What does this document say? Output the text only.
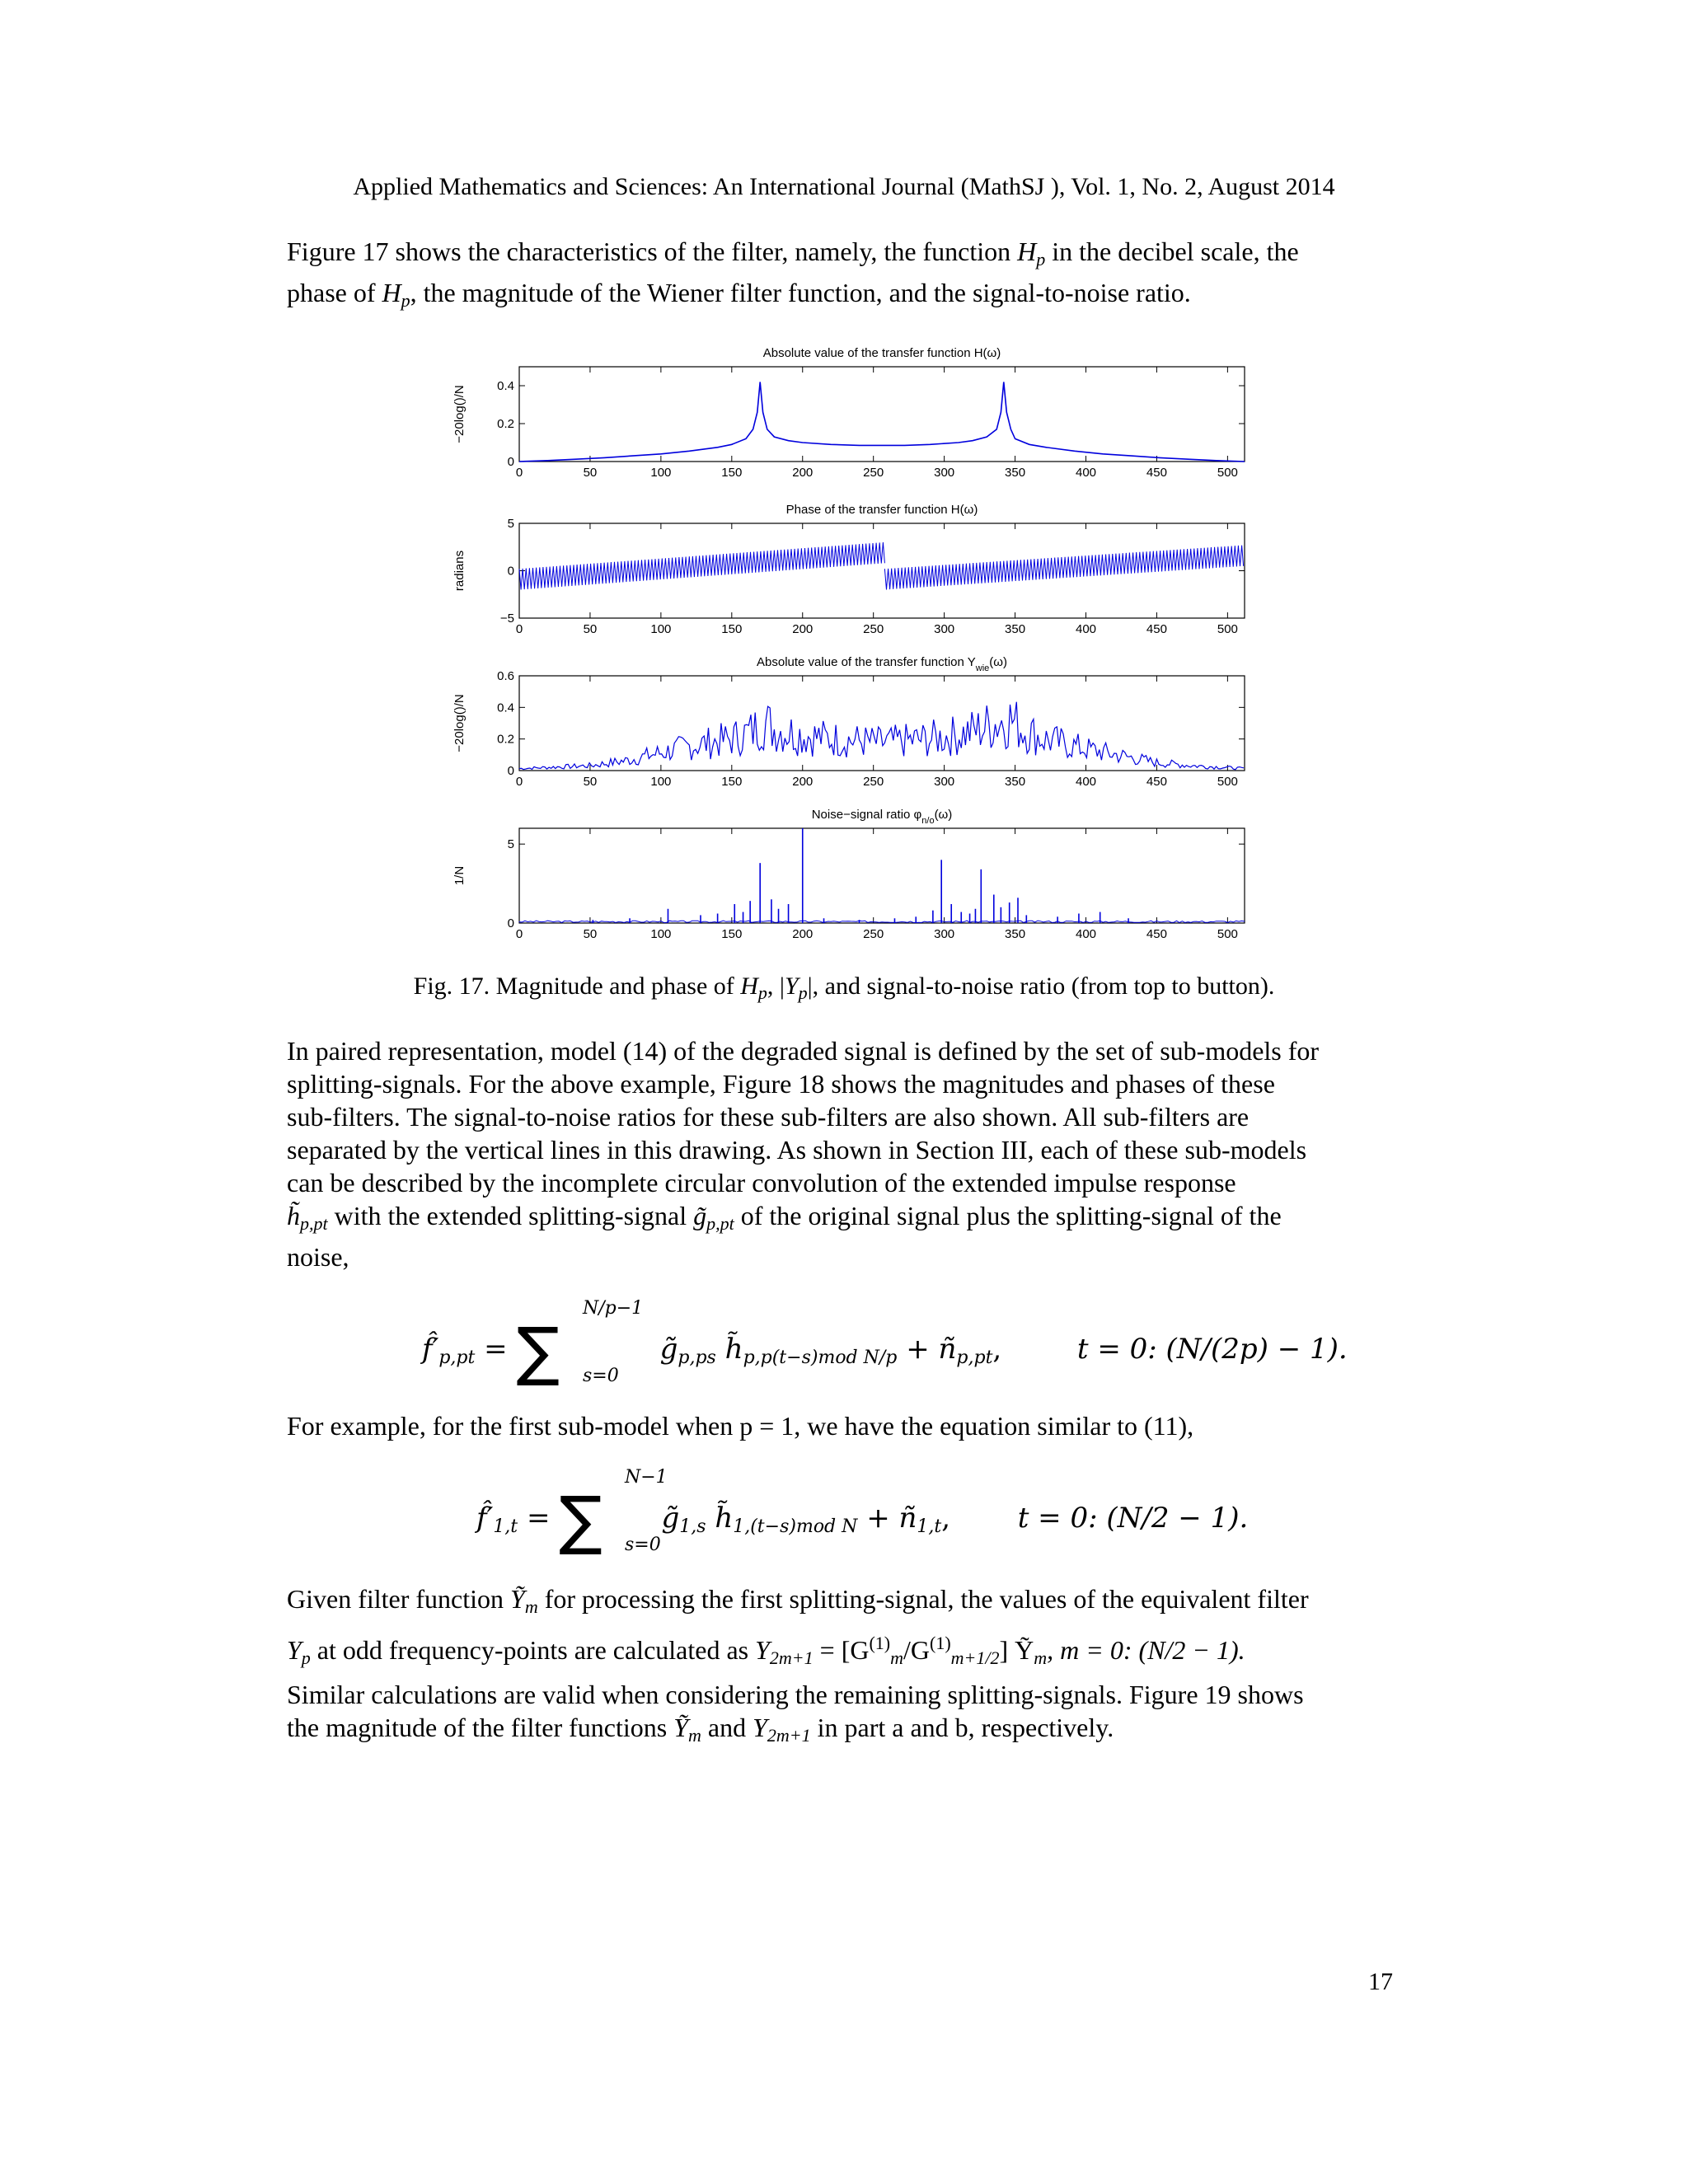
Applied Mathematics and Sciences: An International Journal (MathSJ ), Vol. 1, No. 2, August 2014
Figure 17 shows the characteristics of the filter, namely, the function $H_p$ in the decibel scale, the
phase of $H_p$, the magnitude of the Wiener filter function, and the signal-to-noise ratio.
Absolute value of the transfer function H(ω)
−20log()/N
0	50	100	150	200	250	300	350	400	450	500
0
0.2
0.4
Phase of the transfer function H(ω)
radians
0	50	100	150	200	250	300	350	400	450	500
−5
0
5
Absolute value of the transfer function $Y_{wie}(\omega)$
−20log()/N
0	50	100	150	200	250	300	350	400	450	500
0
0.2
0.4
0.6
Noise−signal ratio $\varphi_{n/o}(\omega)$
1/N
0	50	100	150	200	250	300	350	400	450	500
0
5
Fig. 17. Magnitude and phase of $H_p$, $|Y_p|$, and signal-to-noise ratio (from top to button).
In paired representation, model (14) of the degraded signal is defined by the set of sub-models for
splitting-signals. For the above example, Figure 18 shows the magnitudes and phases of these
sub-filters. The signal-to-noise ratios for these sub-filters are also shown. All sub-filters are
separated by the vertical lines in this drawing. As shown in Section III, each of these sub-models
can be described by the incomplete circular convolution of the extended impulse response
$h̃_{p,pt}$ with the extended splitting-signal $g̃_{p,pt}$ of the original signal plus the splitting-signal of the
noise,
$f̂'_{p,pt}$ = ∑
N/p−1
s=0
$g̃_{p,ps}$ $h̃_{p,p(t-s)mod N/p}$ + $ñ_{p,pt}$,	t = 0: (N/(2p) − 1).
For example, for the first sub-model when p = 1, we have the equation similar to (11),
$f̂'_{1,t}$ = ∑
N−1
s=0
$g̃_{1,s}$ $h̃_{1,(t-s)mod N}$ + $ñ_{1,t}$, t = 0: (N/2 − 1).
Given filter function Ỹ$_m$ for processing the first splitting-signal, the values of the equivalent filter
$Y_p$ at odd frequency-points are calculated as $Y_{2m+1} = [G^{(1)}_m/G^{(1)}_{m+1/2}]$ Ỹ$_m$, m = 0: (N/2 − 1).
Similar calculations are valid when considering the remaining splitting-signals. Figure 19 shows
the magnitude of the filter functions Ỹ$_m$ and $Y_{2m+1}$ in part a and b, respectively.
17
